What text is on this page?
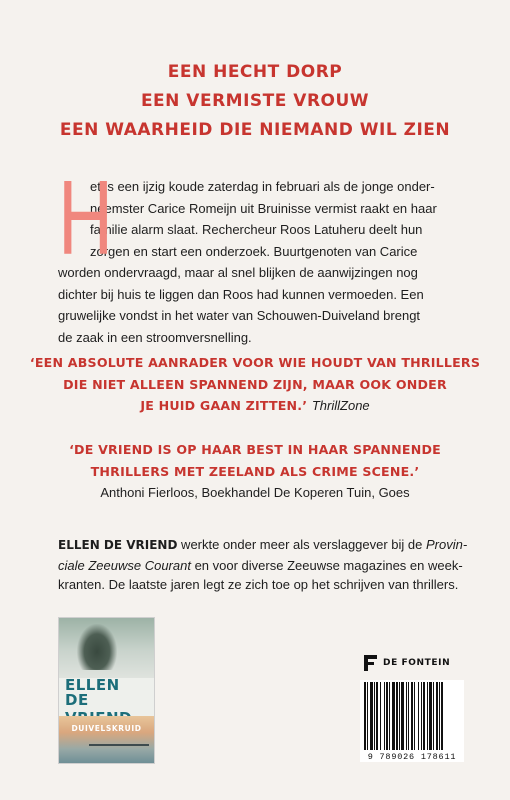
EEN HECHT DORP
EEN VERMISTE VROUW
EEN WAARHEID DIE NIEMAND WIL ZIEN
H
et is een ijzig koude zaterdag in februari als de jonge onder-
neemster Carice Romeijn uit Bruinisse vermist raakt en haar
familie alarm slaat. Rechercheur Roos Latuheru deelt hun
zorgen en start een onderzoek. Buurtgenoten van Carice
worden ondervraagd, maar al snel blijken de aanwijzingen nog
dichter bij huis te liggen dan Roos had kunnen vermoeden. Een
gruwelijke vondst in het water van Schouwen-Duiveland brengt
de zaak in een stroomversnelling.
‘EEN ABSOLUTE AANRADER VOOR WIE HOUDT VAN THRILLERS
DIE NIET ALLEEN SPANNEND ZIJN, MAAR OOK ONDER
JE HUID GAAN ZITTEN.’ ThrillZone
‘DE VRIEND IS OP HAAR BEST IN HAAR SPANNENDE
THRILLERS MET ZEELAND ALS CRIME SCENE.’
Anthoni Fierloos, Boekhandel De Koperen Tuin, Goes
ELLEN DE VRIEND werkte onder meer als verslaggever bij de Provin-
ciale Zeeuwse Courant en voor diverse Zeeuwse magazines en week-
kranten. De laatste jaren legt ze zich toe op het schrijven van thrillers.
ELLEN
DE
DUIVELSKRUID
DE FONTEIN
9 789026 178611
